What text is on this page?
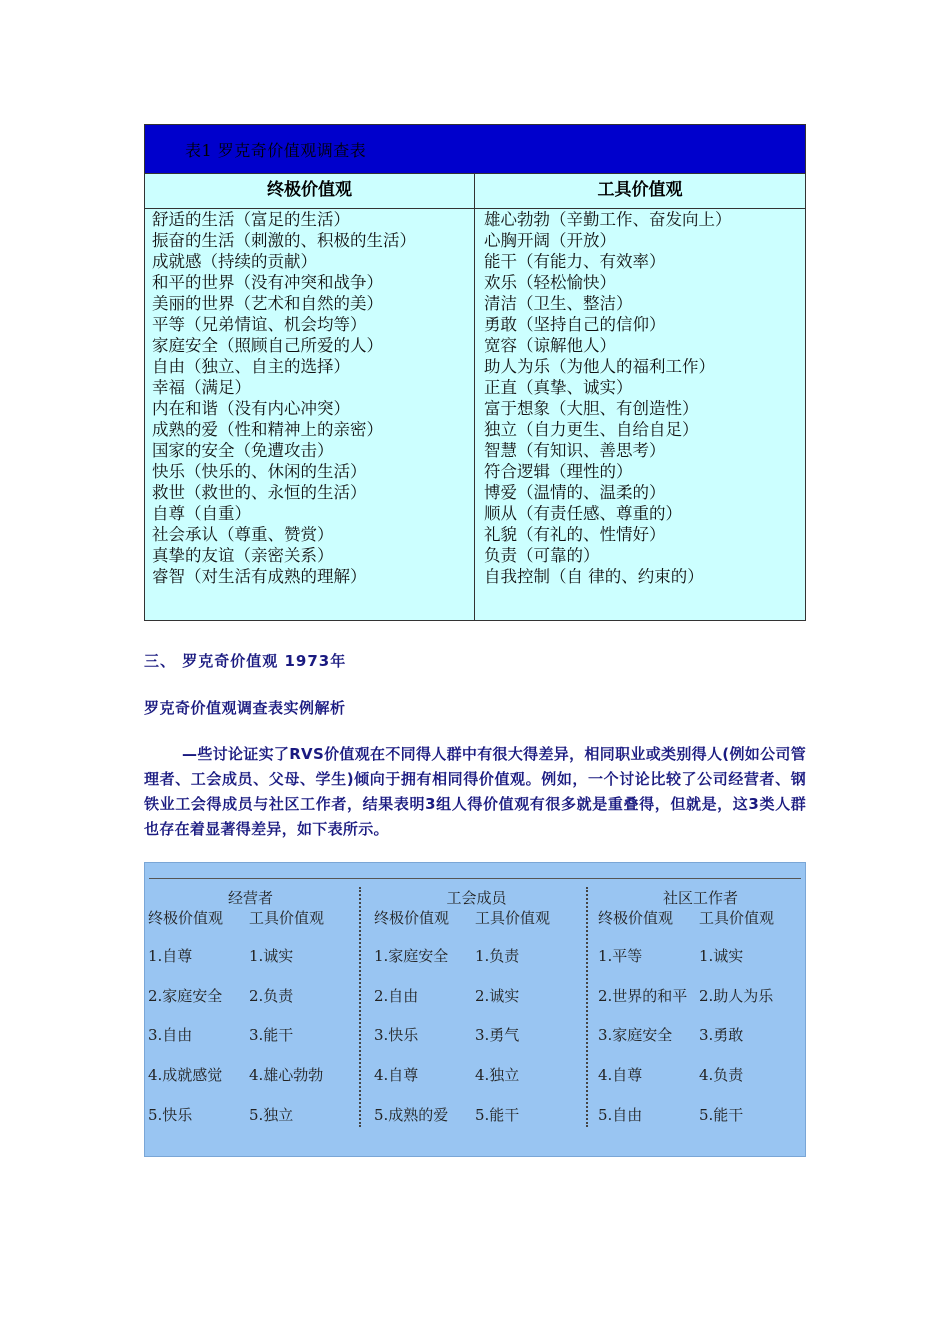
表1 罗克奇价值观调查表
终极价值观	工具价值观
舒适的生活（富足的生活）
振奋的生活（刺激的、积极的生活）
成就感（持续的贡献）
和平的世界（没有冲突和战争）
美丽的世界（艺术和自然的美）
平等（兄弟情谊、机会均等）
家庭安全（照顾自己所爱的人）
自由（独立、自主的选择）
幸福（满足）
内在和谐（没有内心冲突）
成熟的爱（性和精神上的亲密）
国家的安全（免遭攻击）
快乐（快乐的、休闲的生活）
救世（救世的、永恒的生活）
自尊（自重）
社会承认（尊重、赞赏）
真挚的友谊（亲密关系）
睿智（对生活有成熟的理解）
雄心勃勃（辛勤工作、奋发向上）
心胸开阔（开放）
能干（有能力、有效率）
欢乐（轻松愉快）
清洁（卫生、整洁）
勇敢（坚持自己的信仰）
宽容（谅解他人）
助人为乐（为他人的福利工作）
正直（真挚、诚实）
富于想象（大胆、有创造性）
独立（自力更生、自给自足）
智慧（有知识、善思考）
符合逻辑（理性的）
博爱（温情的、温柔的）
顺从（有责任感、尊重的）
礼貌（有礼的、性情好）
负责（可靠的）
自我控制（自 律的、约束的）
三、 罗克奇价值观 1973年
罗克奇价值观调查表实例解析

—些讨论证实了RVS价值观在不同得人群中有很大得差异，相同职业或类别得人(例如公司管理者、工会成员、父母、学生)倾向于拥有相同得价值观。例如，一个讨论比较了公司经营者、钢铁业工会得成员与社区工作者，结果表明3组人得价值观有很多就是重叠得，但就是，这3类人群也存在着显著得差异，如下表所示。

经营者
终极价值观 工具价值观
1.自尊
2.家庭安全
3.自由
4.成就感觉
5.快乐
1.诚实
2.负责
3.能干
4.雄心勃勃
5.独立
工会成员
终极价值观 工具价值观
1.家庭安全
2.自由
3.快乐
4.自尊
5.成熟的爱
1.负责
2.诚实
3.勇气
4.独立
5.能干
社区工作者
终极价值观 工具价值观
1.平等
2.世界的和平
3.家庭安全
4.自尊
5.自由
1.诚实
2.助人为乐
3.勇敢
4.负责
5.能干
